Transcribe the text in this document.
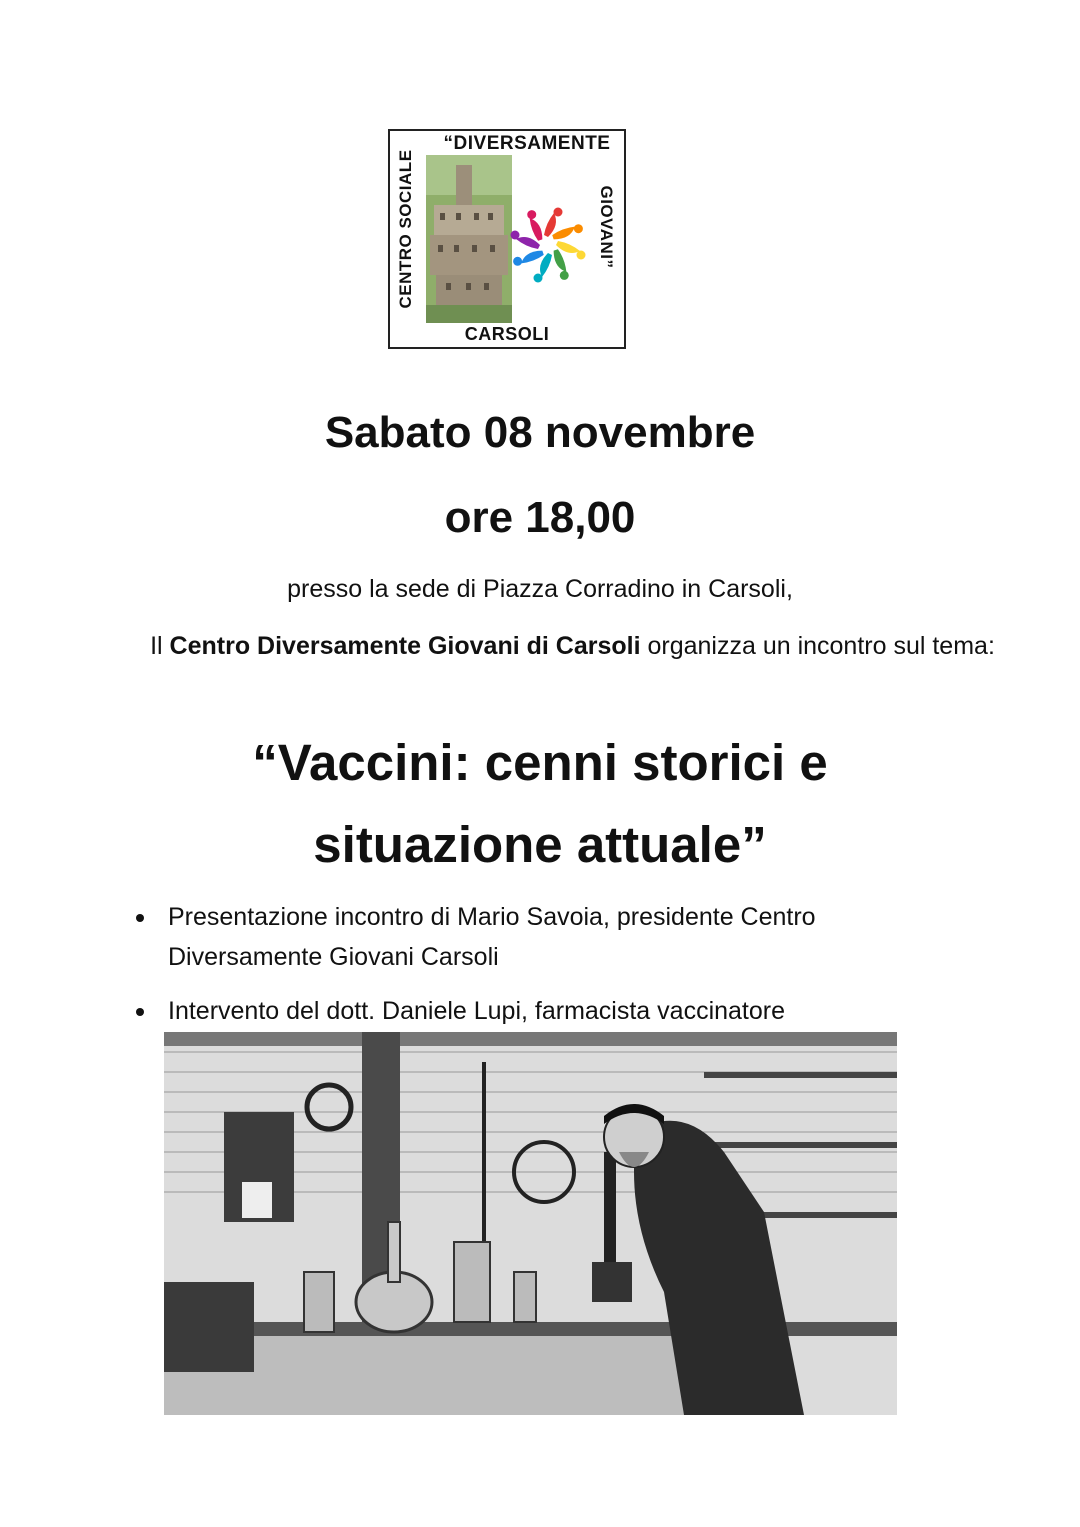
“DIVERSAMENTE
CENTRO SOCIALE	GIOVANI”
CARSOLI
Sabato 08 novembre
ore 18,00
presso la sede di Piazza Corradino in Carsoli,
Il Centro Diversamente Giovani di Carsoli organizza un incontro sul tema:
“Vaccini: cenni storici e
situazione attuale”
Presentazione incontro di Mario Savoia, presidente Centro Diversamente Giovani Carsoli
Intervento del dott. Daniele Lupi, farmacista vaccinatore
